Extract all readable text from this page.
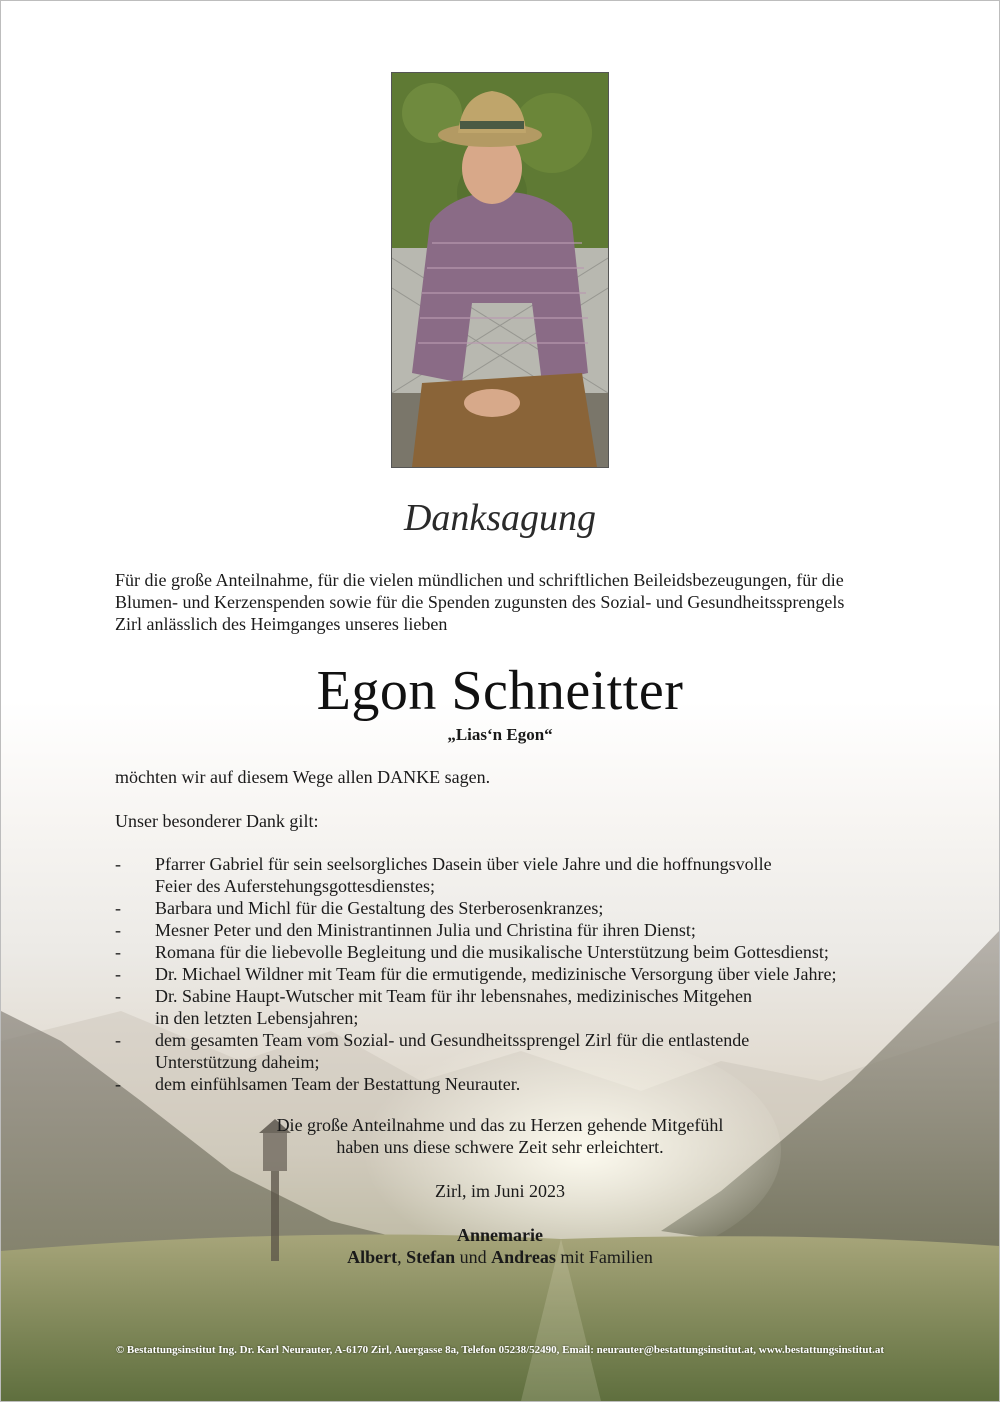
Danksagung
Für die große Anteilnahme, für die vielen mündlichen und schriftlichen Beileidsbezeugungen, für die
Blumen- und Kerzenspenden sowie für die Spenden zugunsten des Sozial- und Gesundheitssprengels
Zirl anlässlich des Heimganges unseres lieben
Egon Schneitter
„Lias‘n Egon“
möchten wir auf diesem Wege allen DANKE sagen.
Unser besonderer Dank gilt:
- Pfarrer Gabriel für sein seelsorgliches Dasein über viele Jahre und die hoffnungsvolle
Feier des Auferstehungsgottesdienstes;
- Barbara und Michl für die Gestaltung des Sterberosenkranzes;
- Mesner Peter und den Ministrantinnen Julia und Christina für ihren Dienst;
- Romana für die liebevolle Begleitung und die musikalische Unterstützung beim Gottesdienst;
- Dr. Michael Wildner mit Team für die ermutigende, medizinische Versorgung über viele Jahre;
- Dr. Sabine Haupt-Wutscher mit Team für ihr lebensnahes, medizinisches Mitgehen
in den letzten Lebensjahren;
- dem gesamten Team vom Sozial- und Gesundheitssprengel Zirl für die entlastende
Unterstützung daheim;
- dem einfühlsamen Team der Bestattung Neurauter.
Die große Anteilnahme und das zu Herzen gehende Mitgefühl
haben uns diese schwere Zeit sehr erleichtert.
Zirl, im Juni 2023
Annemarie
Albert, Stefan und Andreas mit Familien
© Bestattungsinstitut Ing. Dr. Karl Neurauter, A-6170 Zirl, Auergasse 8a, Telefon 05238/52490, Email: neurauter@bestattungsinstitut.at, www.bestattungsinstitut.at
